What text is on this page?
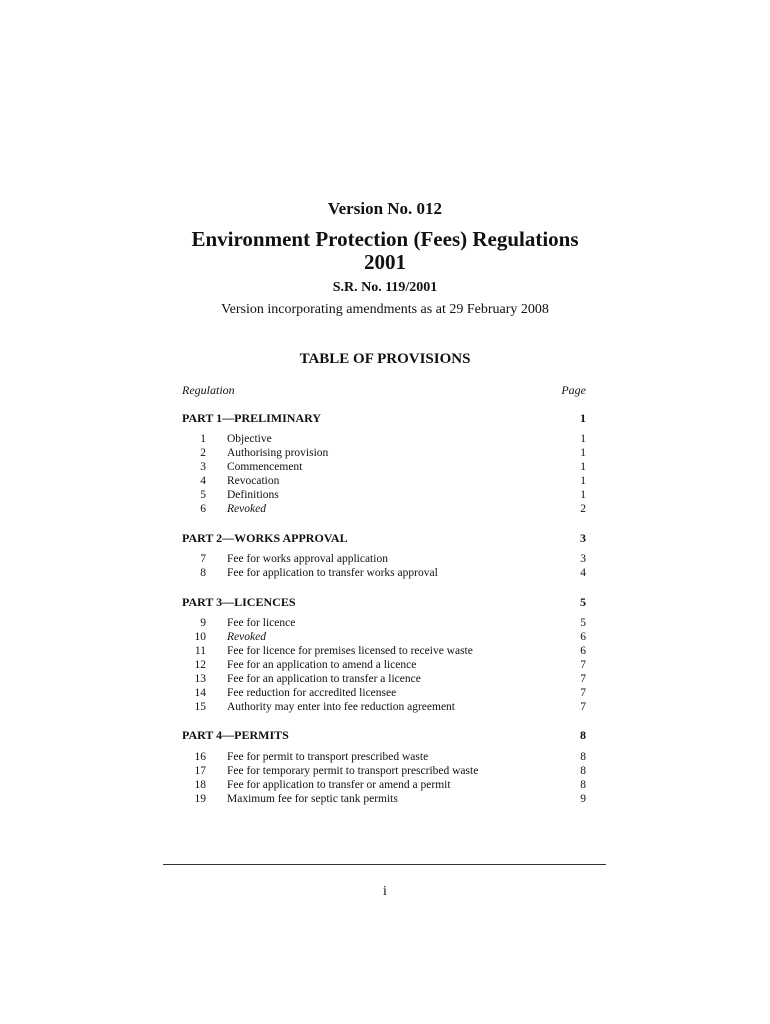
Version No. 012
Environment Protection (Fees) Regulations
2001
S.R. No. 119/2001
Version incorporating amendments as at 29 February 2008
TABLE OF PROVISIONS
Regulation	Page
PART 1—PRELIMINARY	1
1 Objective	1
2 Authorising provision	1
3 Commencement	1
4 Revocation	1
5 Definitions	1
6 Revoked	2
PART 2—WORKS APPROVAL	3
7 Fee for works approval application	3
8 Fee for application to transfer works approval	4
PART 3—LICENCES	5
9 Fee for licence	5
10 Revoked	6
11 Fee for licence for premises licensed to receive waste	6
12 Fee for an application to amend a licence	7
13 Fee for an application to transfer a licence	7
14 Fee reduction for accredited licensee	7
15 Authority may enter into fee reduction agreement	7
PART 4—PERMITS	8
16 Fee for permit to transport prescribed waste	8
17 Fee for temporary permit to transport prescribed waste	8
18 Fee for application to transfer or amend a permit	8
19 Maximum fee for septic tank permits	9
i
